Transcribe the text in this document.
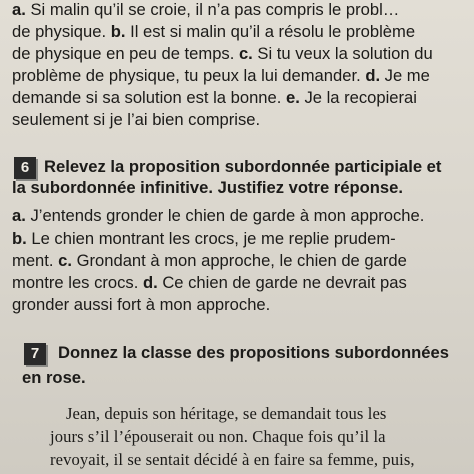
a. Si malin qu’il se croie, il n’a pas compris le probl…
de physique. b. Il est si malin qu’il a résolu le problème
de physique en peu de temps. c. Si tu veux la solution du
problème de physique, tu peux la lui demander. d. Je me
demande si sa solution est la bonne. e. Je la recopierai
seulement si je l’ai bien comprise.
6 Relevez la proposition subordonnée participiale et
la subordonnée infinitive. Justifiez votre réponse.
a. J’entends gronder le chien de garde à mon approche.
b. Le chien montrant les crocs, je me replie prudem-
ment. c. Grondant à mon approche, le chien de garde
montre les crocs. d. Ce chien de garde ne devrait pas
gronder aussi fort à mon approche.
7	Donnez la classe des propositions subordonnées
en rose.
Jean, depuis son héritage, se demandait tous les
jours s’il l’épouserait ou non. Chaque fois qu’il la
revoyait, il se sentait décidé à en faire sa femme, puis,
